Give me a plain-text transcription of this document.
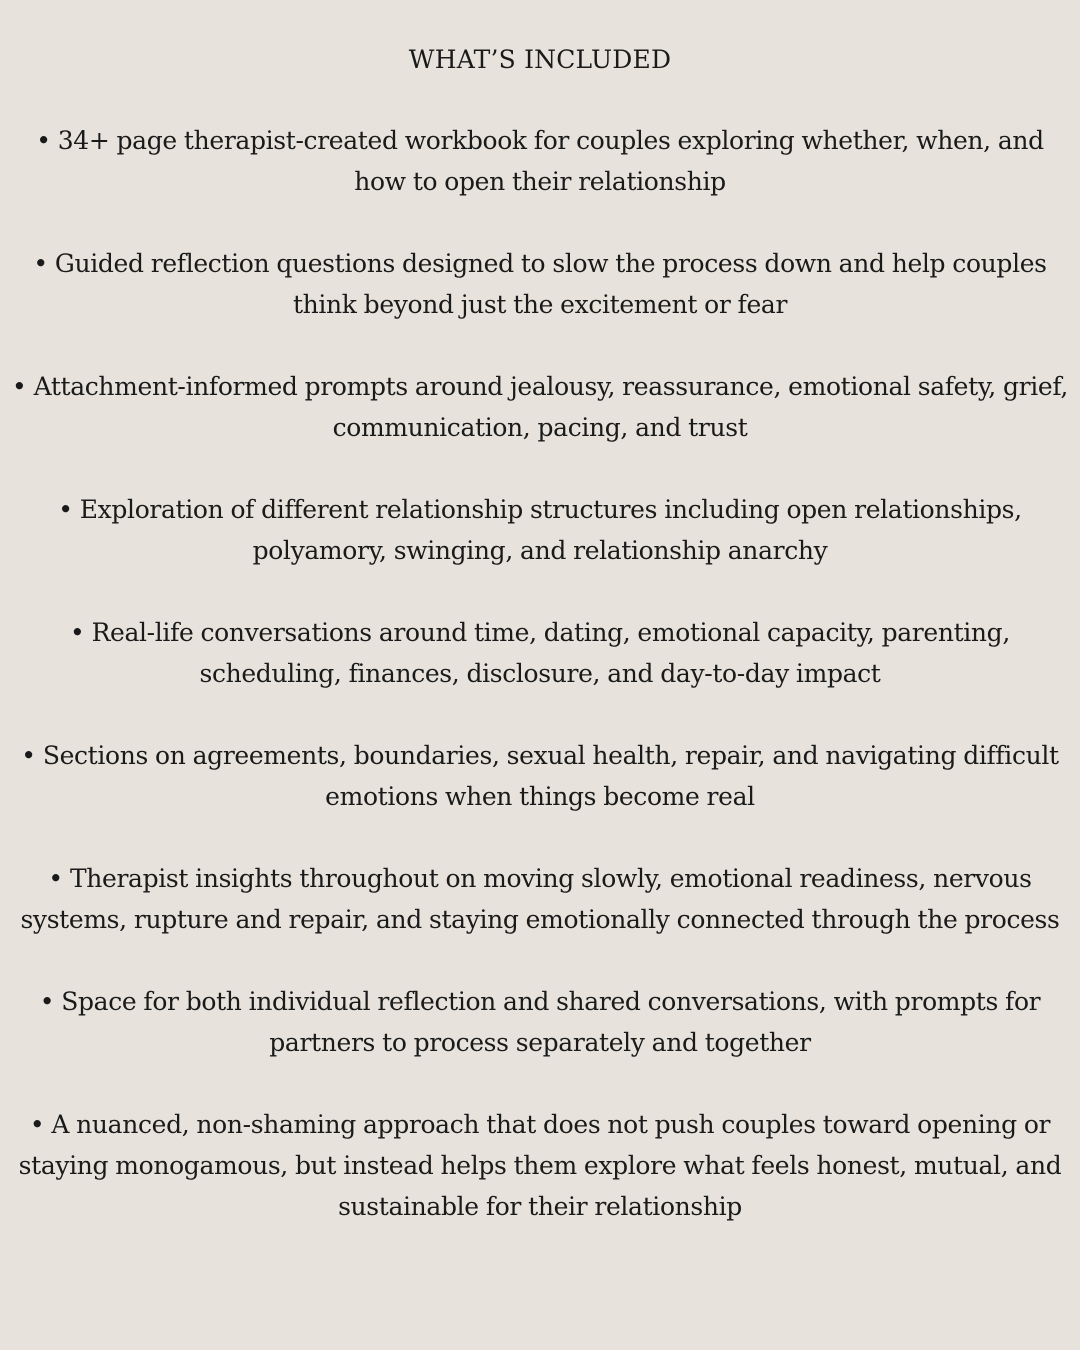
WHAT’S INCLUDED
• 34+ page therapist-created workbook for couples exploring whether, when, and how to open their relationship
• Guided reflection questions designed to slow the process down and help couples think beyond just the excitement or fear
• Attachment-informed prompts around jealousy, reassurance, emotional safety, grief, communication, pacing, and trust
• Exploration of different relationship structures including open relationships, polyamory, swinging, and relationship anarchy
• Real-life conversations around time, dating, emotional capacity, parenting, scheduling, finances, disclosure, and day-to-day impact
• Sections on agreements, boundaries, sexual health, repair, and navigating difficult emotions when things become real
• Therapist insights throughout on moving slowly, emotional readiness, nervous systems, rupture and repair, and staying emotionally connected through the process
• Space for both individual reflection and shared conversations, with prompts for partners to process separately and together
• A nuanced, non-shaming approach that does not push couples toward opening or staying monogamous, but instead helps them explore what feels honest, mutual, and sustainable for their relationship
